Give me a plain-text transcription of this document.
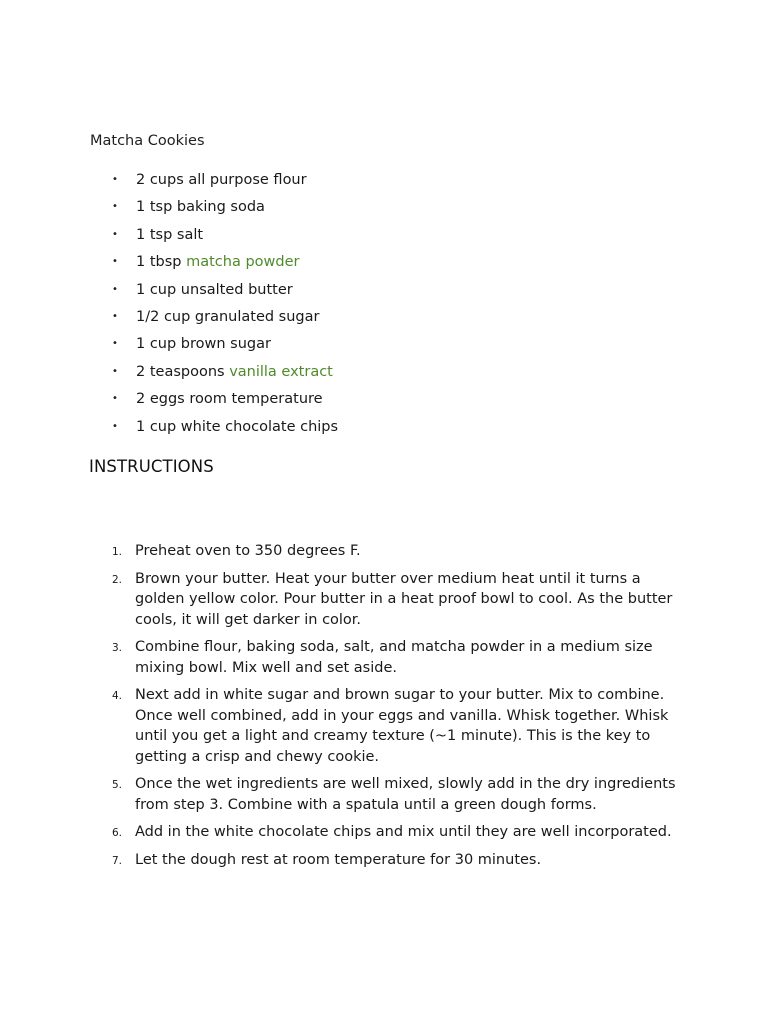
Matcha Cookies
• 2 cups all purpose flour
• 1 tsp baking soda
• 1 tsp salt
• 1 tbsp matcha powder
• 1 cup unsalted butter
• 1/2 cup granulated sugar
• 1 cup brown sugar
• 2 teaspoons vanilla extract
• 2 eggs room temperature
• 1 cup white chocolate chips
INSTRUCTIONS
1. Preheat oven to 350 degrees F.
2. Brown your butter. Heat your butter over medium heat until it turns a golden yellow color. Pour butter in a heat proof bowl to cool. As the butter cools, it will get darker in color.
3. Combine flour, baking soda, salt, and matcha powder in a medium size mixing bowl. Mix well and set aside.
4. Next add in white sugar and brown sugar to your butter. Mix to combine. Once well combined, add in your eggs and vanilla. Whisk together. Whisk until you get a light and creamy texture (~1 minute). This is the key to getting a crisp and chewy cookie.
5. Once the wet ingredients are well mixed, slowly add in the dry ingredients from step 3. Combine with a spatula until a green dough forms.
6. Add in the white chocolate chips and mix until they are well incorporated.
7. Let the dough rest at room temperature for 30 minutes.
